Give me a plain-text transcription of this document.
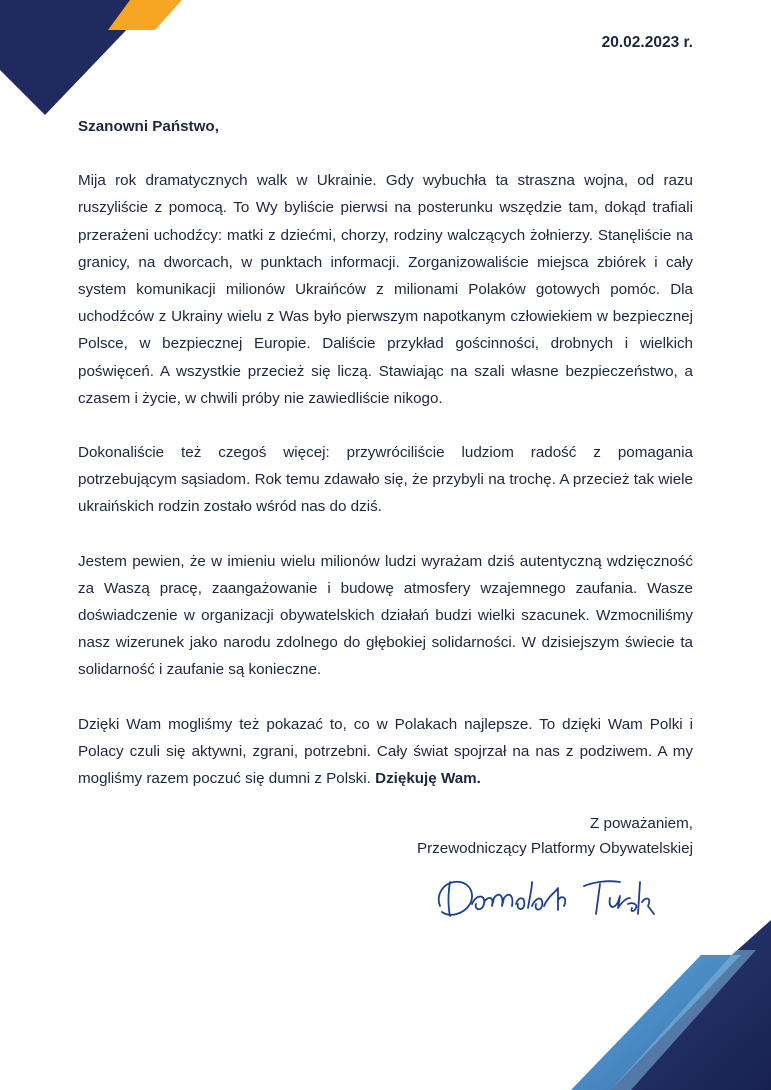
20.02.2023 r.

Szanowni Państwo,

Mija rok dramatycznych walk w Ukrainie. Gdy wybuchła ta straszna wojna, od razu ruszyliście z pomocą. To Wy byliście pierwsi na posterunku wszędzie tam, dokąd trafiali przerażeni uchodźcy: matki z dziećmi, chorzy, rodziny walczących żołnierzy. Stanęliście na granicy, na dworcach, w punktach informacji. Zorganizowaliście miejsca zbiórek i cały system komunikacji milionów Ukraińców z milionami Polaków gotowych pomóc. Dla uchodźców z Ukrainy wielu z Was było pierwszym napotkanym człowiekiem w bezpiecznej Polsce, w bezpiecznej Europie. Daliście przykład gościnności, drobnych i wielkich poświęceń. A wszystkie przecież się liczą. Stawiając na szali własne bezpieczeństwo, a czasem i życie, w chwili próby nie zawiedliście nikogo.

Dokonaliście też czegoś więcej: przywróciliście ludziom radość z pomagania potrzebującym sąsiadom. Rok temu zdawało się, że przybyli na trochę. A przecież tak wiele ukraińskich rodzin zostało wśród nas do dziś.

Jestem pewien, że w imieniu wielu milionów ludzi wyrażam dziś autentyczną wdzięczność za Waszą pracę, zaangażowanie i budowę atmosfery wzajemnego zaufania. Wasze doświadczenie w organizacji obywatelskich działań budzi wielki szacunek. Wzmocniliśmy nasz wizerunek jako narodu zdolnego do głębokiej solidarności. W dzisiejszym świecie ta solidarność i zaufanie są konieczne.

Dzięki Wam mogliśmy też pokazać to, co w Polakach najlepsze. To dzięki Wam Polki i Polacy czuli się aktywni, zgrani, potrzebni. Cały świat spojrzał na nas z podziwem. A my mogliśmy razem poczuć się dumni z Polski. Dziękuję Wam.

Z poważaniem,
Przewodniczący Platformy Obywatelskiej
